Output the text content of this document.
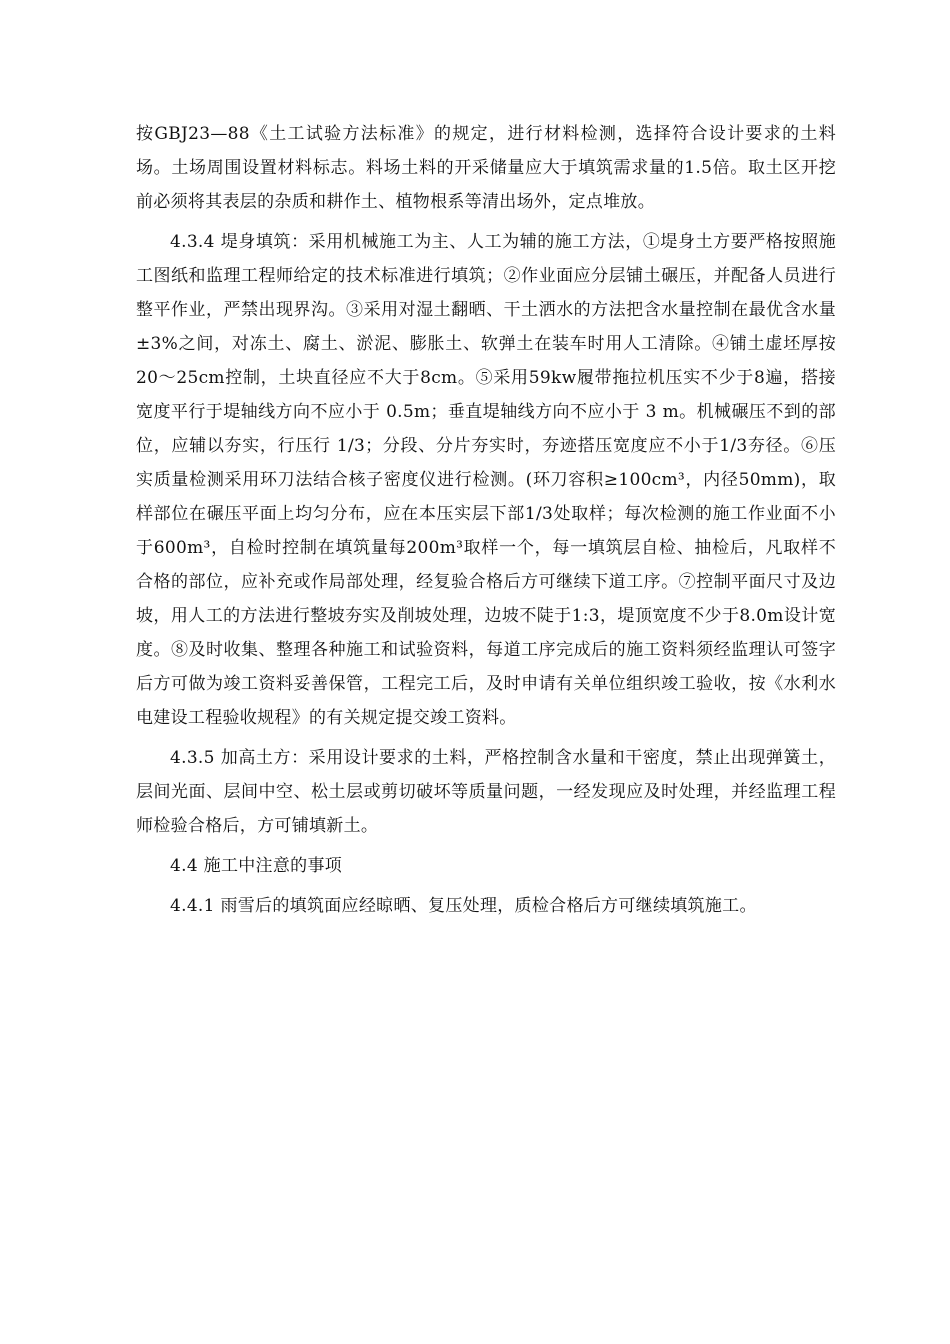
按GBJ23—88《土工试验方法标准》的规定，进行材料检测，选择符合设计要求的土料场。土场周围设置材料标志。料场土料的开采储量应大于填筑需求量的1.5倍。取土区开挖前必须将其表层的杂质和耕作土、植物根系等清出场外，定点堆放。

4.3.4 堤身填筑：采用机械施工为主、人工为辅的施工方法，①堤身土方要严格按照施工图纸和监理工程师给定的技术标准进行填筑；②作业面应分层铺土碾压，并配备人员进行整平作业，严禁出现界沟。③采用对湿土翻晒、干土洒水的方法把含水量控制在最优含水量±3%之间，对冻土、腐土、淤泥、膨胀土、软弹土在装车时用人工清除。④铺土虚坯厚按20～25cm控制，土块直径应不大于8cm。⑤采用59kw履带拖拉机压实不少于8遍，搭接宽度平行于堤轴线方向不应小于 0.5m；垂直堤轴线方向不应小于 3 m。机械碾压不到的部位，应辅以夯实，行压行 1/3；分段、分片夯实时，夯迹搭压宽度应不小于1/3夯径。⑥压实质量检测采用环刀法结合核子密度仪进行检测。(环刀容积≥100cm³，内径50mm)，取样部位在碾压平面上均匀分布，应在本压实层下部1/3处取样；每次检测的施工作业面不小于600m³，自检时控制在填筑量每200m³取样一个，每一填筑层自检、抽检后，凡取样不合格的部位，应补充或作局部处理，经复验合格后方可继续下道工序。⑦控制平面尺寸及边坡，用人工的方法进行整坡夯实及削坡处理，边坡不陡于1:3，堤顶宽度不少于8.0m设计宽度。⑧及时收集、整理各种施工和试验资料，每道工序完成后的施工资料须经监理认可签字后方可做为竣工资料妥善保管，工程完工后，及时申请有关单位组织竣工验收，按《水利水电建设工程验收规程》的有关规定提交竣工资料。

4.3.5 加高土方：采用设计要求的土料，严格控制含水量和干密度，禁止出现弹簧土，层间光面、层间中空、松土层或剪切破坏等质量问题，一经发现应及时处理，并经监理工程师检验合格后，方可铺填新土。

4.4 施工中注意的事项

4.4.1 雨雪后的填筑面应经晾晒、复压处理，质检合格后方可继续填筑施工。
